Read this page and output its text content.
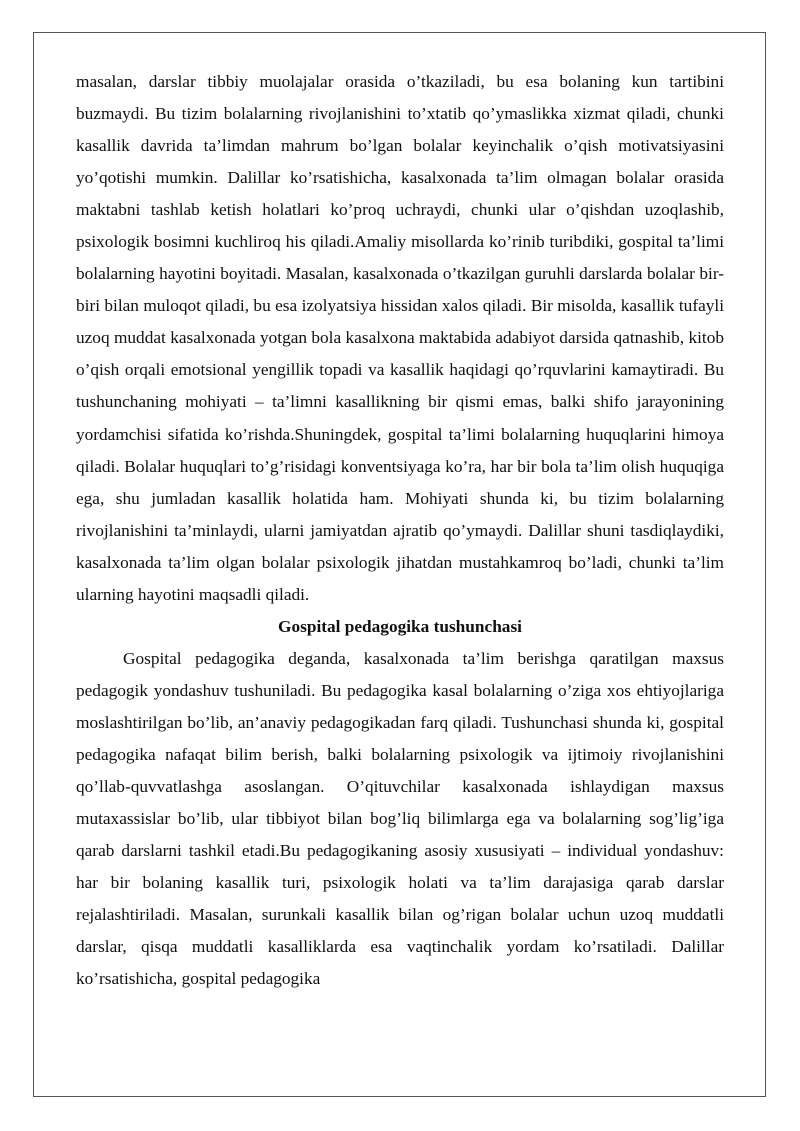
masalan, darslar tibbiy muolajalar orasida o’tkaziladi, bu esa bolaning kun tartibini buzmaydi. Bu tizim bolalarning rivojlanishini to’xtatib qo’ymaslikka xizmat qiladi, chunki kasallik davrida ta’limdan mahrum bo’lgan bolalar keyinchalik o’qish motivatsiyasini yo’qotishi mumkin. Dalillar ko’rsatishicha, kasalxonada ta’lim olmagan bolalar orasida maktabni tashlab ketish holatlari ko’proq uchraydi, chunki ular o’qishdan uzoqlashib, psixologik bosimni kuchliroq his qiladi.Amaliy misollarda ko’rinib turibdiki, gospital ta’limi bolalarning hayotini boyitadi. Masalan, kasalxonada o’tkazilgan guruhli darslarda bolalar bir-biri bilan muloqot qiladi, bu esa izolyatsiya hissidan xalos qiladi. Bir misolda, kasallik tufayli uzoq muddat kasalxonada yotgan bola kasalxona maktabida adabiyot darsida qatnashib, kitob o’qish orqali emotsional yengillik topadi va kasallik haqidagi qo’rquvlarini kamaytiradi. Bu tushunchaning mohiyati – ta’limni kasallikning bir qismi emas, balki shifo jarayonining yordamchisi sifatida ko’rishda.Shuningdek, gospital ta’limi bolalarning huquqlarini himoya qiladi. Bolalar huquqlari to’g’risidagi konventsiyaga ko’ra, har bir bola ta’lim olish huquqiga ega, shu jumladan kasallik holatida ham. Mohiyati shunda ki, bu tizim bolalarning rivojlanishini ta’minlaydi, ularni jamiyatdan ajratib qo’ymaydi. Dalillar shuni tasdiqlaydiki, kasalxonada ta’lim olgan bolalar psixologik jihatdan mustahkamroq bo’ladi, chunki ta’lim ularning hayotini maqsadli qiladi.

Gospital pedagogika tushunchasi

Gospital pedagogika deganda, kasalxonada ta’lim berishga qaratilgan maxsus pedagogik yondashuv tushuniladi. Bu pedagogika kasal bolalarning o’ziga xos ehtiyojlariga moslashtirilgan bo’lib, an’anaviy pedagogikadan farq qiladi. Tushunchasi shunda ki, gospital pedagogika nafaqat bilim berish, balki bolalarning psixologik va ijtimoiy rivojlanishini qo’llab-quvvatlashga asoslangan. O’qituvchilar kasalxonada ishlaydigan maxsus mutaxassislar bo’lib, ular tibbiyot bilan bog’liq bilimlarga ega va bolalarning sog’lig’iga qarab darslarni tashkil etadi.Bu pedagogikaning asosiy xususiyati – individual yondashuv: har bir bolaning kasallik turi, psixologik holati va ta’lim darajasiga qarab darslar rejalashtiriladi. Masalan, surunkali kasallik bilan og’rigan bolalar uchun uzoq muddatli darslar, qisqa muddatli kasalliklarda esa vaqtinchalik yordam ko’rsatiladi. Dalillar ko’rsatishicha, gospital pedagogika
